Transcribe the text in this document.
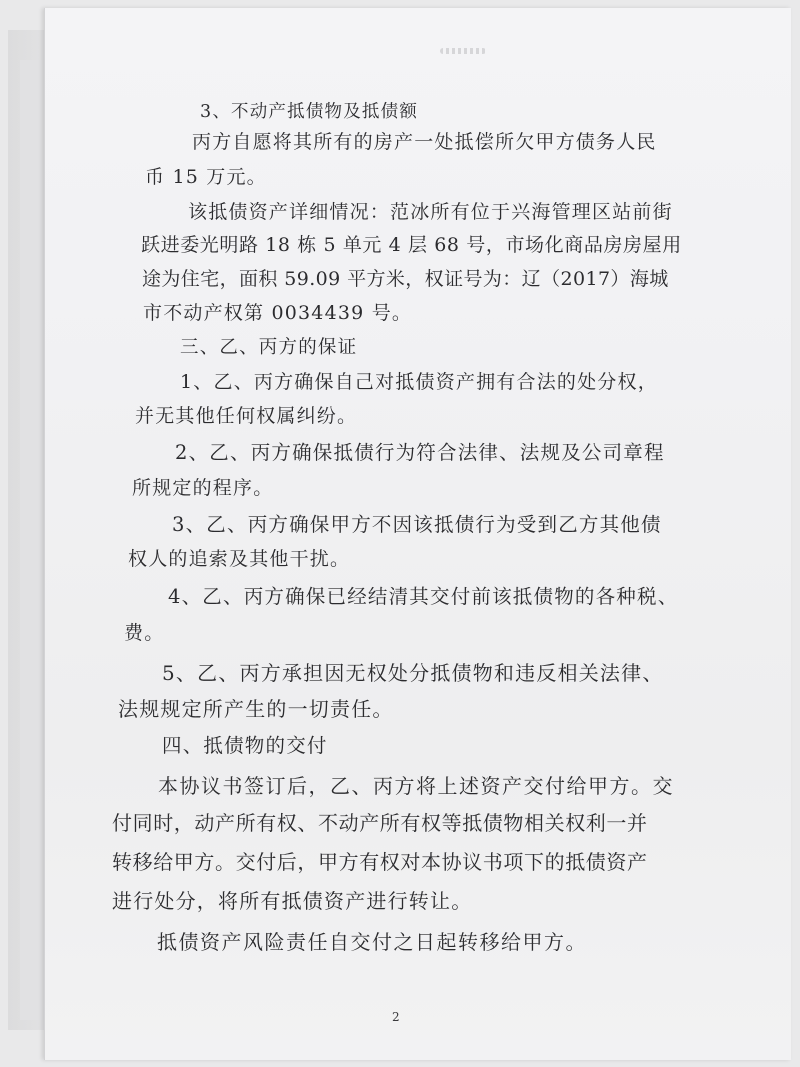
3、不动产抵债物及抵债额
丙方自愿将其所有的房产一处抵偿所欠甲方债务人民
币 15 万元。
该抵债资产详细情况：范冰所有位于兴海管理区站前街
跃进委光明路 18 栋 5 单元 4 层 68 号，市场化商品房房屋用
途为住宅，面积 59.09 平方米，权证号为：辽（2017）海城
市不动产权第 0034439 号。
三、乙、丙方的保证
1、乙、丙方确保自己对抵债资产拥有合法的处分权，
并无其他任何权属纠纷。
2、乙、丙方确保抵债行为符合法律、法规及公司章程
所规定的程序。
3、乙、丙方确保甲方不因该抵债行为受到乙方其他债
权人的追索及其他干扰。
4、乙、丙方确保已经结清其交付前该抵债物的各种税、
费。
5、乙、丙方承担因无权处分抵债物和违反相关法律、
法规规定所产生的一切责任。
四、抵债物的交付
本协议书签订后，乙、丙方将上述资产交付给甲方。交
付同时，动产所有权、不动产所有权等抵债物相关权利一并
转移给甲方。交付后，甲方有权对本协议书项下的抵债资产
进行处分，将所有抵债资产进行转让。
抵债资产风险责任自交付之日起转移给甲方。
2
